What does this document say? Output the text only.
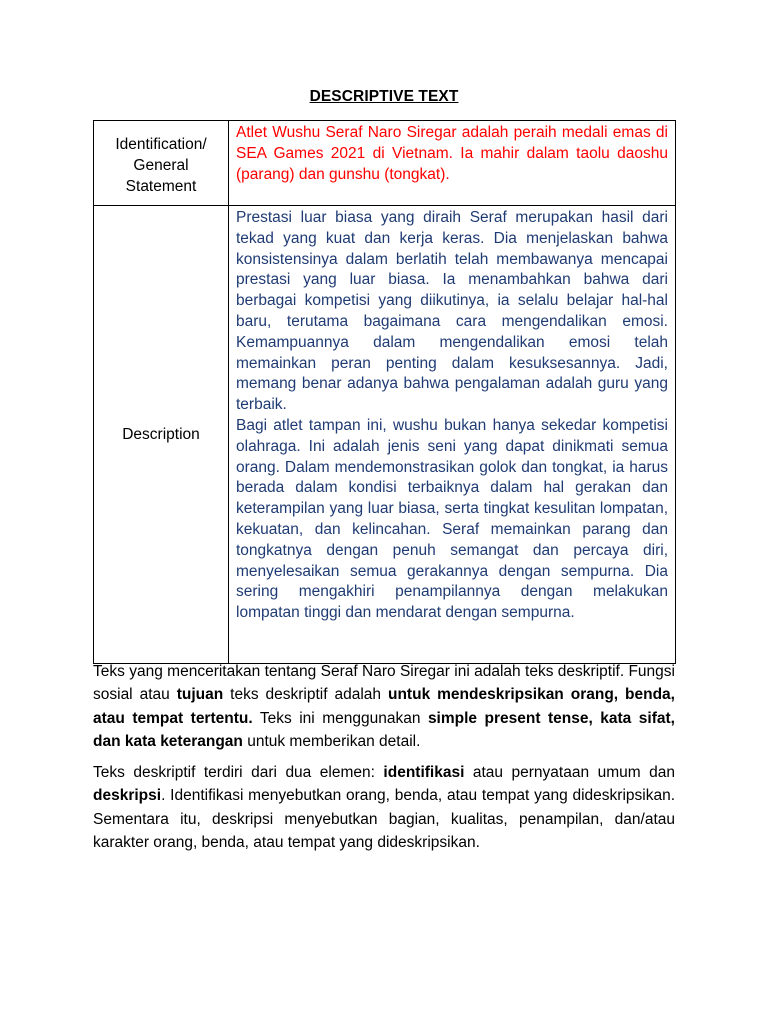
DESCRIPTIVE TEXT
Identification/ General Statement	Atlet Wushu Seraf Naro Siregar adalah peraih medali emas di SEA Games 2021 di Vietnam. Ia mahir dalam taolu daoshu (parang) dan gunshu (tongkat).
Description	Prestasi luar biasa yang diraih Seraf merupakan hasil dari tekad yang kuat dan kerja keras. Dia menjelaskan bahwa konsistensinya dalam berlatih telah membawanya mencapai prestasi yang luar biasa. Ia menambahkan bahwa dari berbagai kompetisi yang diikutinya, ia selalu belajar hal-hal baru, terutama bagaimana cara mengendalikan emosi. Kemampuannya dalam mengendalikan emosi telah memainkan peran penting dalam kesuksesannya. Jadi, memang benar adanya bahwa pengalaman adalah guru yang terbaik.
Bagi atlet tampan ini, wushu bukan hanya sekedar kompetisi olahraga. Ini adalah jenis seni yang dapat dinikmati semua orang. Dalam mendemonstrasikan golok dan tongkat, ia harus berada dalam kondisi terbaiknya dalam hal gerakan dan keterampilan yang luar biasa, serta tingkat kesulitan lompatan, kekuatan, dan kelincahan. Seraf memainkan parang dan tongkatnya dengan penuh semangat dan percaya diri, menyelesaikan semua gerakannya dengan sempurna. Dia sering mengakhiri penampilannya dengan melakukan lompatan tinggi dan mendarat dengan sempurna.
Teks yang menceritakan tentang Seraf Naro Siregar ini adalah teks deskriptif. Fungsi sosial atau tujuan teks deskriptif adalah untuk mendeskripsikan orang, benda, atau tempat tertentu. Teks ini menggunakan simple present tense, kata sifat, dan kata keterangan untuk memberikan detail.
Teks deskriptif terdiri dari dua elemen: identifikasi atau pernyataan umum dan deskripsi. Identifikasi menyebutkan orang, benda, atau tempat yang dideskripsikan. Sementara itu, deskripsi menyebutkan bagian, kualitas, penampilan, dan/atau karakter orang, benda, atau tempat yang dideskripsikan.
